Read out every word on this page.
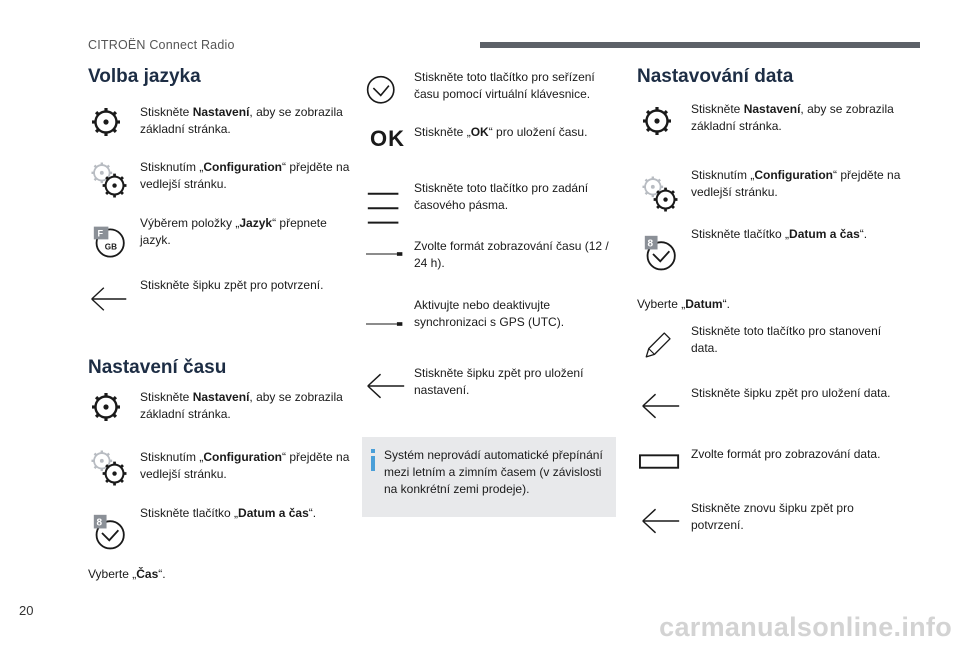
CITROËN Connect Radio
Volba jazyka
Stiskněte Nastavení, aby se zobrazila základní stránka.
Stisknutím „Configuration“ přejděte na vedlejší stránku.
F
GB
Výběrem položky „Jazyk“ přepnete jazyk.
Stiskněte šipku zpět pro potvrzení.
Nastavení času
Stiskněte Nastavení, aby se zobrazila základní stránka.
Stisknutím „Configuration“ přejděte na vedlejší stránku.
8
Stiskněte tlačítko „Datum a čas“.
Vyberte „Čas“.
Stiskněte toto tlačítko pro seřízení času pomocí virtuální klávesnice.
OK Stiskněte „OK“ pro uložení času.
Stiskněte toto tlačítko pro zadání časového pásma.
Zvolte formát zobrazování času (12 / 24 h).
Aktivujte nebo deaktivujte synchronizaci s GPS (UTC).
Stiskněte šipku zpět pro uložení nastavení.
Systém neprovádí automatické přepínání mezi letním a zimním časem (v závislosti na konkrétní zemi prodeje).
Nastavování data
Stiskněte Nastavení, aby se zobrazila základní stránka.
Stisknutím „Configuration“ přejděte na vedlejší stránku.
8
Stiskněte tlačítko „Datum a čas“.
Vyberte „Datum“.
Stiskněte toto tlačítko pro stanovení data.
Stiskněte šipku zpět pro uložení data.
Zvolte formát pro zobrazování data.
Stiskněte znovu šipku zpět pro potvrzení.
20
carmanualsonline.info
